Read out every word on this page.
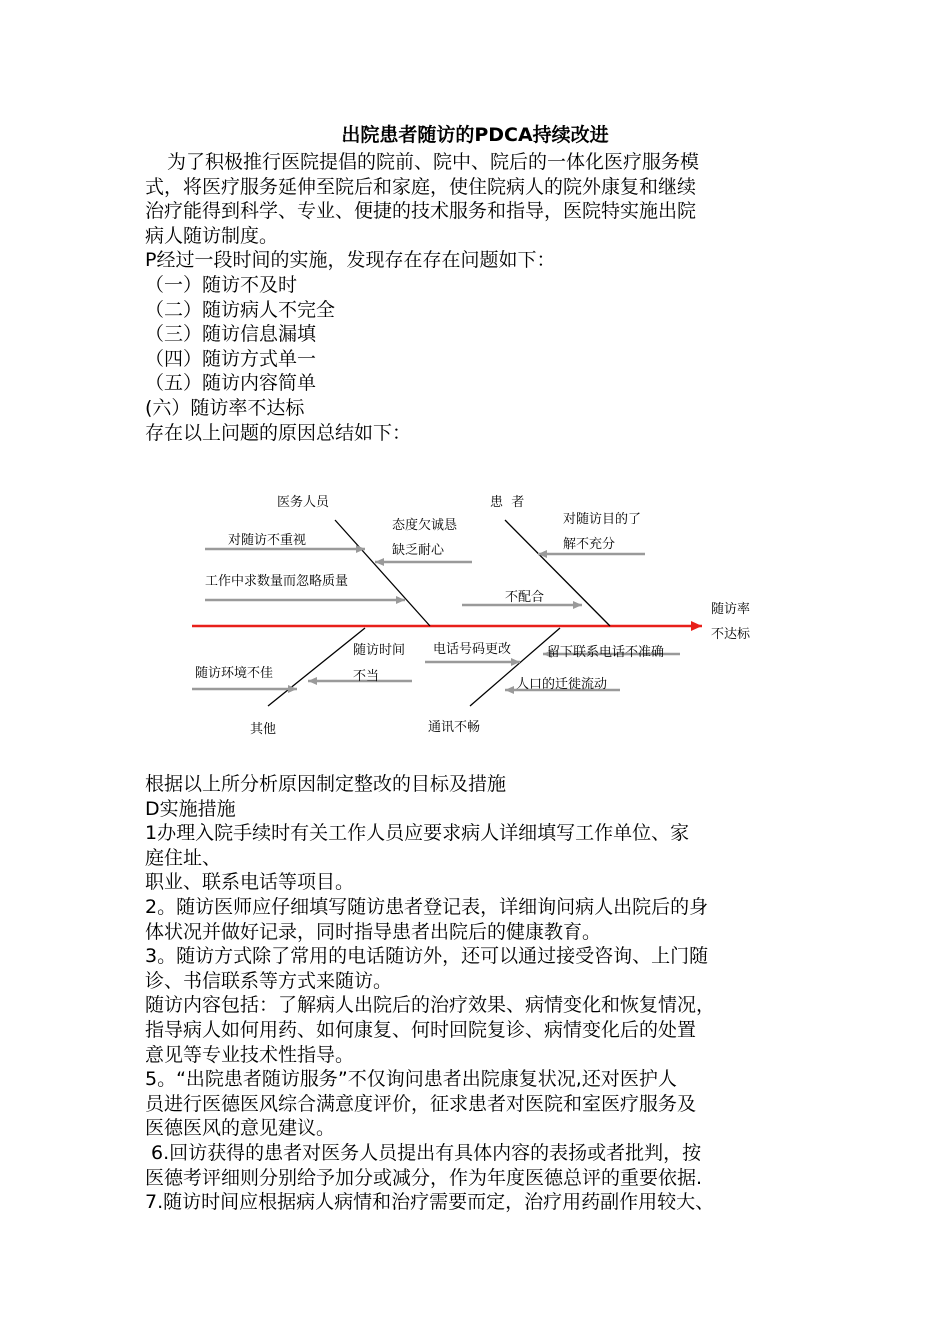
出院患者随访的PDCA持续改进

为了积极推行医院提倡的院前、院中、院后的一体化医疗服务模

式，将医疗服务延伸至院后和家庭，使住院病人的院外康复和继续

治疗能得到科学、专业、便捷的技术服务和指导，医院特实施出院

病人随访制度。

P经过一段时间的实施，发现存在存在问题如下：

（一）随访不及时

（二）随访病人不完全

（三）随访信息漏填

（四）随访方式单一

（五）随访内容简单

(六）随访率不达标

存在以上问题的原因总结如下：

医务人员	患  者
其他	通讯不畅
随访率
不达标
对随访不重视
工作中求数量而忽略质量
态度欠诚恳
缺乏耐心
对随访目的了
解不充分
不配合
随访环境不佳
随访时间
不当
电话号码更改	留下联系电话不准确
人口的迁徙流动

根据以上所分析原因制定整改的目标及措施

D实施措施

1办理入院手续时有关工作人员应要求病人详细填写工作单位、家

庭住址、

职业、联系电话等项目。

2。随访医师应仔细填写随访患者登记表，详细询问病人出院后的身

体状况并做好记录，同时指导患者出院后的健康教育。

3。随访方式除了常用的电话随访外，还可以通过接受咨询、上门随

诊、书信联系等方式来随访。

随访内容包括：了解病人出院后的治疗效果、病情变化和恢复情况，

指导病人如何用药、如何康复、何时回院复诊、病情变化后的处置

意见等专业技术性指导。

5。“出院患者随访服务”不仅询问患者出院康复状况,还对医护人

员进行医德医风综合满意度评价，征求患者对医院和室医疗服务及

医德医风的意见建议。

6.回访获得的患者对医务人员提出有具体内容的表扬或者批判，按

医德考评细则分别给予加分或减分，作为年度医德总评的重要依据.

7.随访时间应根据病人病情和治疗需要而定，治疗用药副作用较大、
